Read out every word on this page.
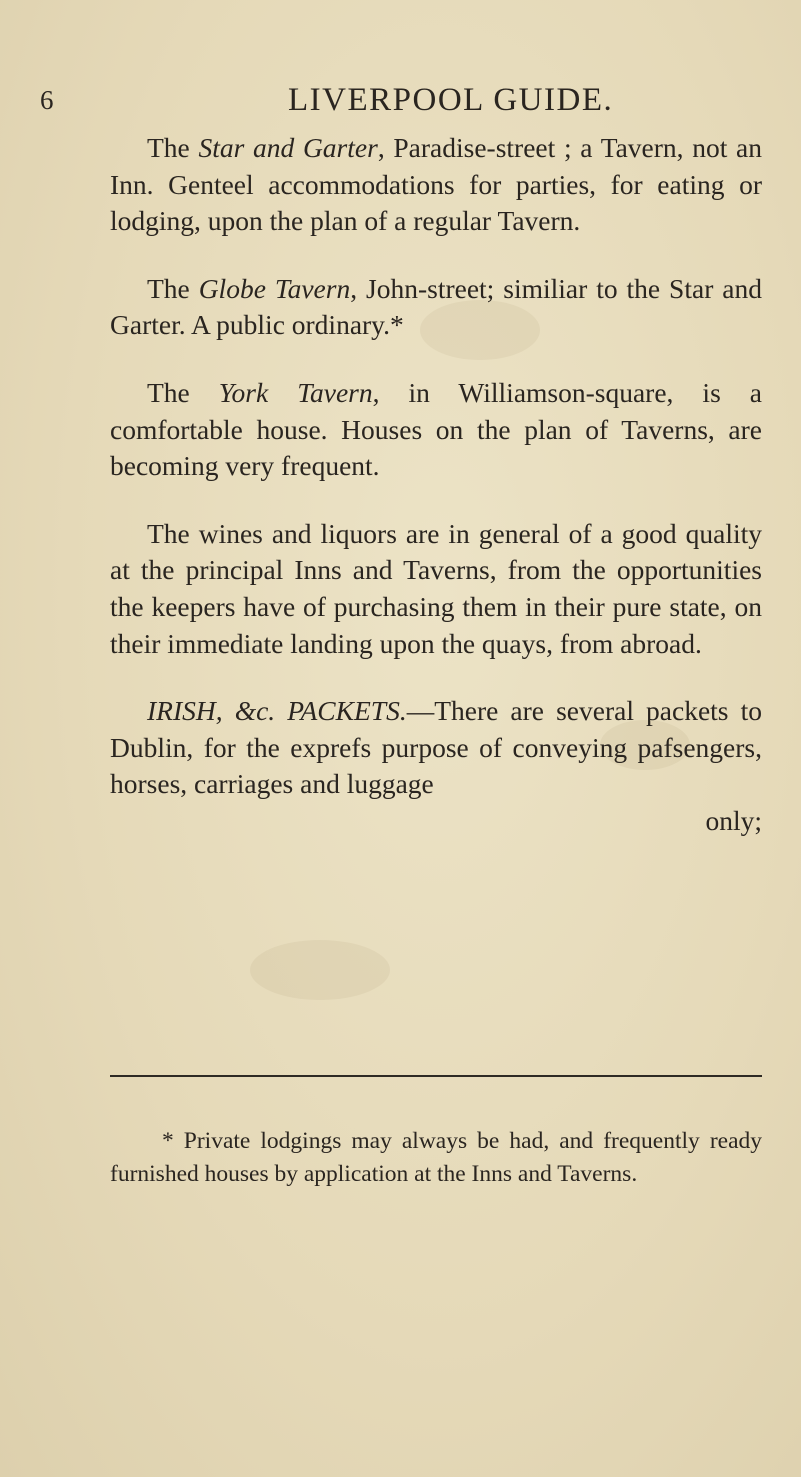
6	LIVERPOOL GUIDE.

The Star and Garter, Paradise-street ; a Tavern, not an Inn. Genteel accommodations for parties, for eating or lodging, upon the plan of a regular Tavern.

The Globe Tavern, John-street; similiar to the Star and Garter. A public ordinary.*

The York Tavern, in Williamson-square, is a comfortable house. Houses on the plan of Taverns, are becoming very frequent.

The wines and liquors are in general of a good quality at the principal Inns and Taverns, from the opportunities the keepers have of purchasing them in their pure state, on their immediate landing upon the quays, from abroad.

IRISH, &c. PACKETS.—There are several packets to Dublin, for the exprefs purpose of conveying pafsengers, horses, carriages and luggage

only;

* Private lodgings may always be had, and frequently ready furnished houses by application at the Inns and Taverns.
